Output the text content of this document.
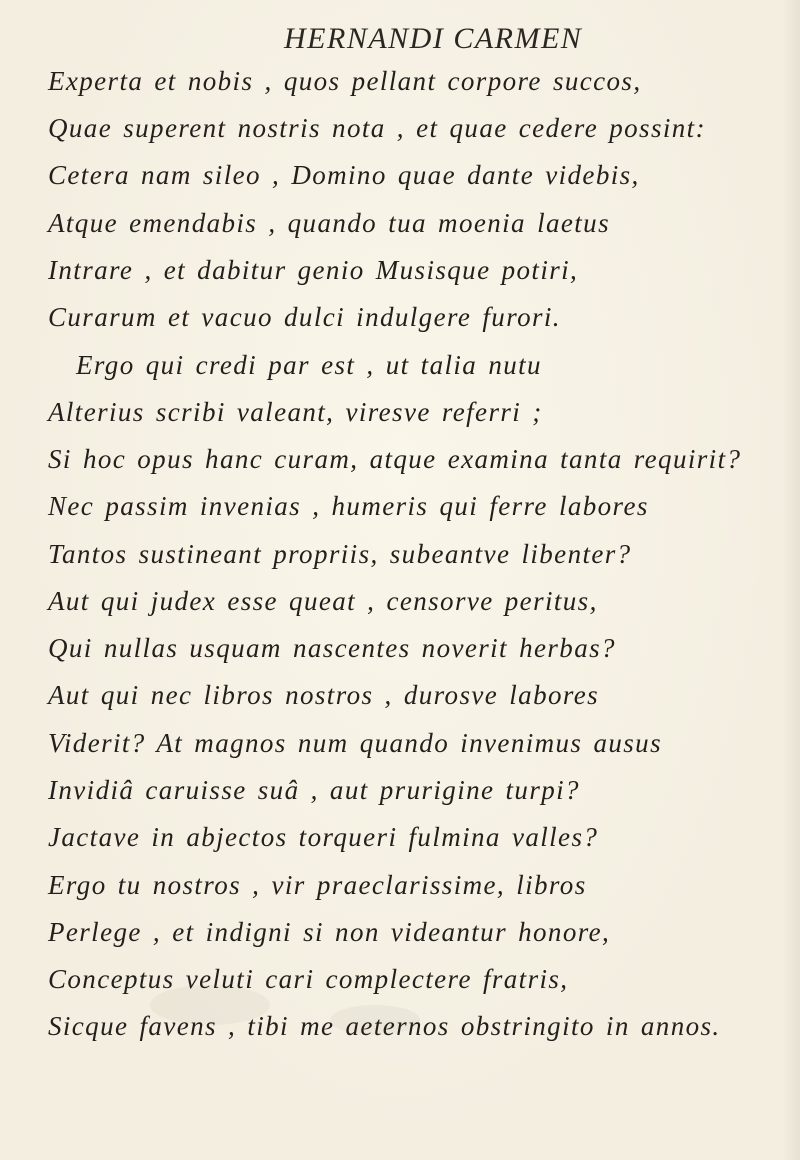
HERNANDI CARMEN
Experta et nobis , quos pellant corpore succos,
Quae superent nostris nota , et quae cedere possint:
Cetera nam sileo , Domino quae dante videbis,
Atque emendabis , quando tua moenia laetus
Intrare , et dabitur genio Musisque potiri,
Curarum et vacuo dulci indulgere furori.
Ergo qui credi par est , ut talia nutu
Alterius scribi valeant, viresve referri ;
Si hoc opus hanc curam, atque examina tanta requirit?
Nec passim invenias , humeris qui ferre labores
Tantos sustineant propriis, subeantve libenter?
Aut qui judex esse queat , censorve peritus,
Qui nullas usquam nascentes noverit herbas?
Aut qui nec libros nostros , durosve labores
Viderit? At magnos num quando invenimus ausus
Invidiâ caruisse suâ , aut prurigine turpi?
Jactave in abjectos torqueri fulmina valles?
Ergo tu nostros , vir praeclarissime, libros
Perlege , et indigni si non videantur honore,
Conceptus veluti cari complectere fratris,
Sicque favens , tibi me aeternos obstringito in annos.
